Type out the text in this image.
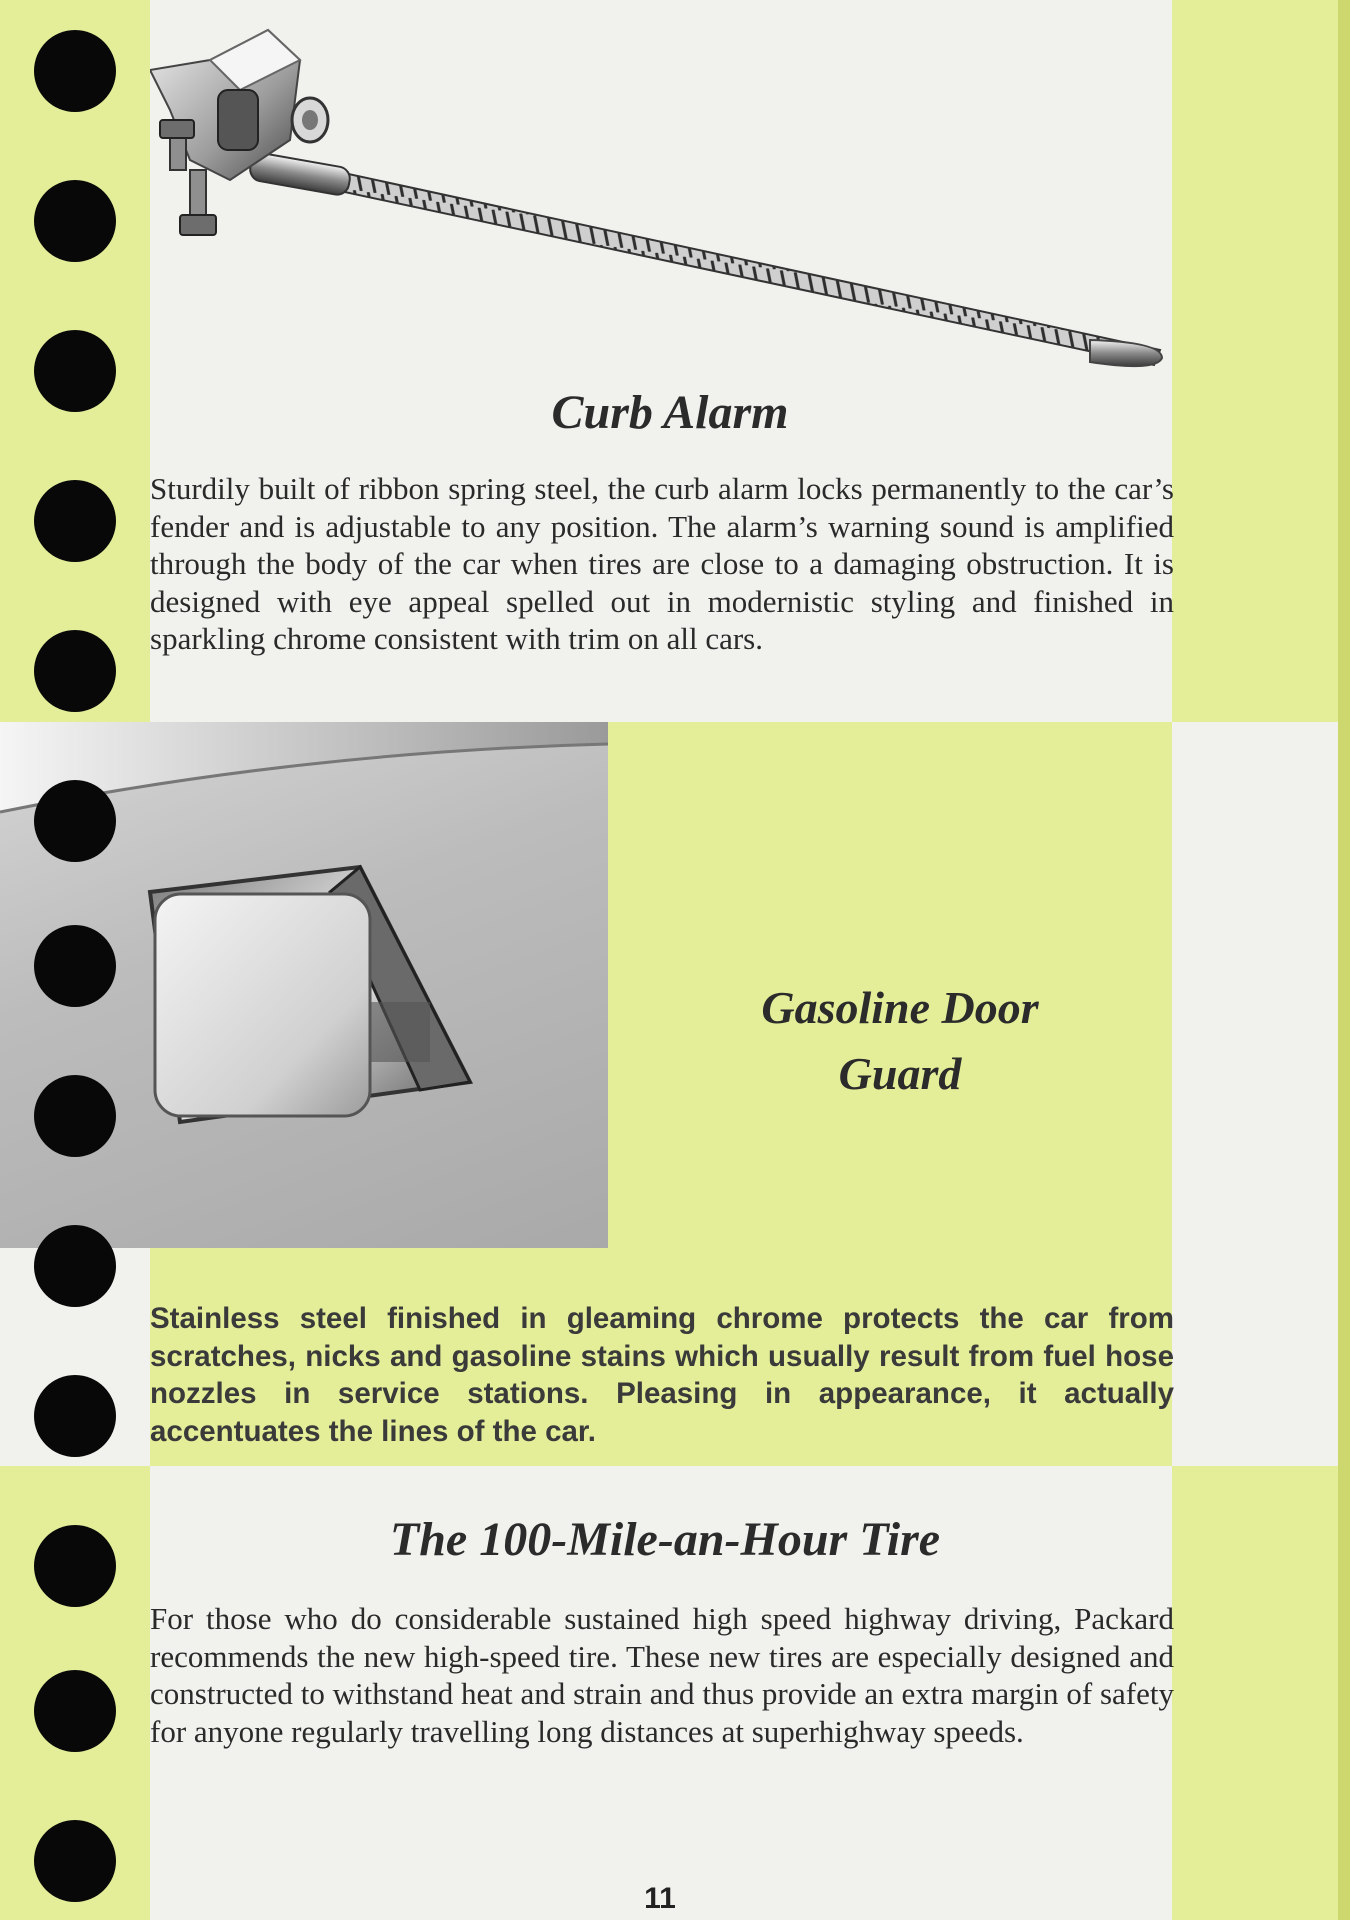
Curb Alarm

Sturdily built of ribbon spring steel, the curb alarm locks permanently to the car’s fender and is adjustable to any position. The alarm’s warning sound is amplified through the body of the car when tires are close to a damaging obstruction. It is designed with eye appeal spelled out in modernistic styling and finished in sparkling chrome consistent with trim on all cars.

Gasoline Door
Guard

Stainless steel finished in gleaming chrome protects the car from scratches, nicks and gasoline stains which usually result from fuel hose nozzles in service stations. Pleasing in appearance, it actually accentuates the lines of the car.

The 100-Mile-an-Hour Tire

For those who do considerable sustained high speed highway driving, Packard recommends the new high-speed tire. These new tires are especially designed and constructed to withstand heat and strain and thus provide an extra margin of safety for anyone regularly travelling long distances at superhighway speeds.

11
